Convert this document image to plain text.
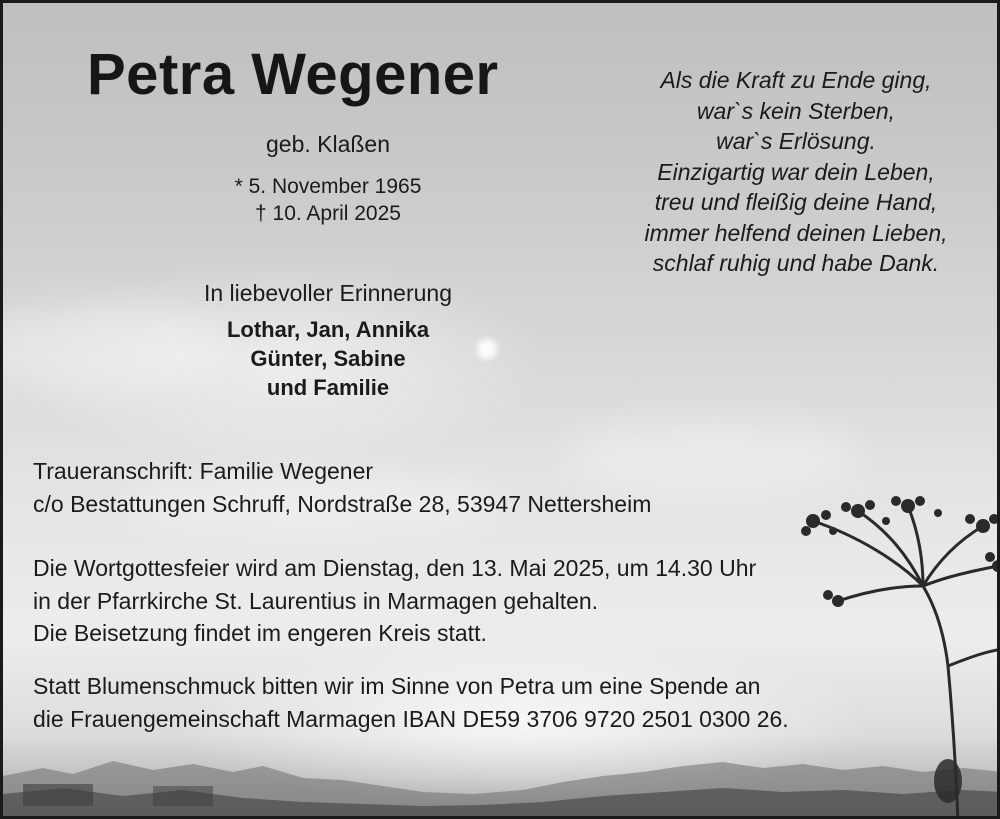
Petra Wegener
geb. Klaßen
* 5. November 1965
† 10. April 2025
In liebevoller Erinnerung
Lothar, Jan, Annika
Günter, Sabine
und Familie
Als die Kraft zu Ende ging,
war`s kein Sterben,
war`s Erlösung.
Einzigartig war dein Leben,
treu und fleißig deine Hand,
immer helfend deinen Lieben,
schlaf ruhig und habe Dank.
Traueranschrift: Familie Wegener
c/o Bestattungen Schruff, Nordstraße 28, 53947 Nettersheim
Die Wortgottesfeier wird am Dienstag, den 13. Mai 2025, um 14.30 Uhr
in der Pfarrkirche St. Laurentius in Marmagen gehalten.
Die Beisetzung findet im engeren Kreis statt.
Statt Blumenschmuck bitten wir im Sinne von Petra um eine Spende an
die Frauengemeinschaft Marmagen IBAN DE59 3706 9720 2501 0300 26.
